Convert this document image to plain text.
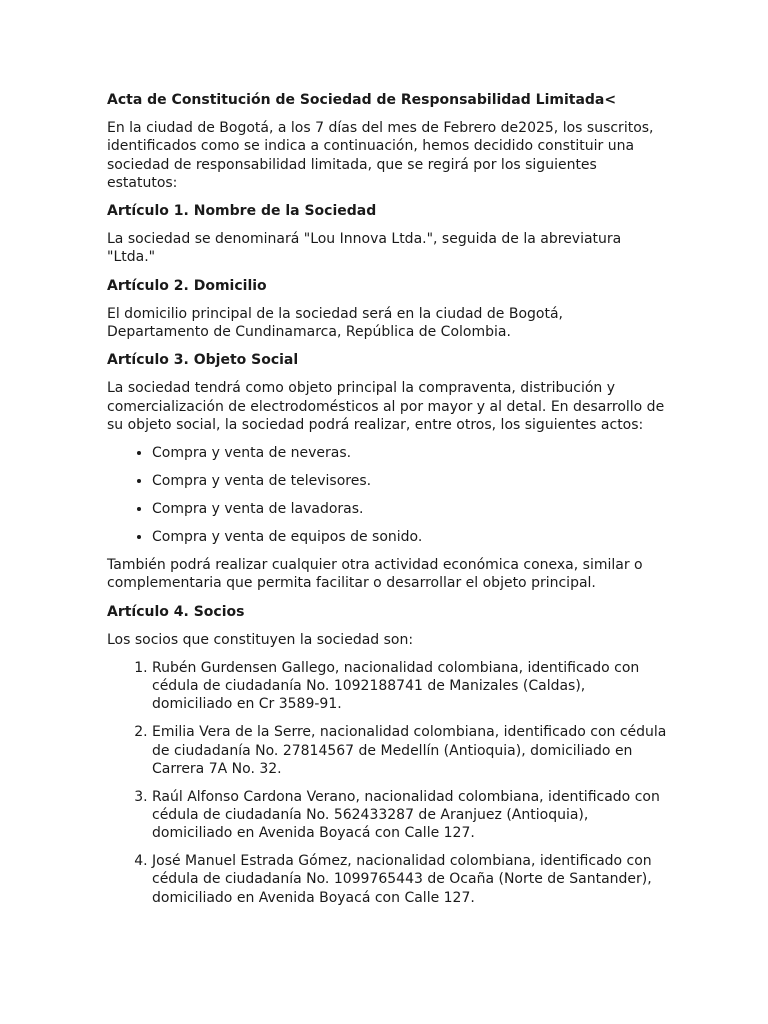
Acta de Constitución de Sociedad de Responsabilidad Limitada<

En la ciudad de Bogotá, a los 7 días del mes de Febrero de2025, los suscritos, identificados como se indica a continuación, hemos decidido constituir una sociedad de responsabilidad limitada, que se regirá por los siguientes estatutos:

Artículo 1. Nombre de la Sociedad

La sociedad se denominará "Lou Innova Ltda.", seguida de la abreviatura "Ltda."

Artículo 2. Domicilio

El domicilio principal de la sociedad será en la ciudad de Bogotá, Departamento de Cundinamarca, República de Colombia.

Artículo 3. Objeto Social

La sociedad tendrá como objeto principal la compraventa, distribución y comercialización de electrodomésticos al por mayor y al detal. En desarrollo de su objeto social, la sociedad podrá realizar, entre otros, los siguientes actos:

• Compra y venta de neveras.
• Compra y venta de televisores.
• Compra y venta de lavadoras.
• Compra y venta de equipos de sonido.

También podrá realizar cualquier otra actividad económica conexa, similar o complementaria que permita facilitar o desarrollar el objeto principal.

Artículo 4. Socios

Los socios que constituyen la sociedad son:

1. Rubén Gurdensen Gallego, nacionalidad colombiana, identificado con cédula de ciudadanía No. 1092188741 de Manizales (Caldas), domiciliado en Cr 3589-91.
2. Emilia Vera de la Serre, nacionalidad colombiana, identificado con cédula de ciudadanía No. 27814567 de Medellín (Antioquia), domiciliado en Carrera 7A No. 32.
3. Raúl Alfonso Cardona Verano, nacionalidad colombiana, identificado con cédula de ciudadanía No. 562433287 de Aranjuez (Antioquia), domiciliado en Avenida Boyacá con Calle 127.
4. José Manuel Estrada Gómez, nacionalidad colombiana, identificado con cédula de ciudadanía No. 1099765443 de Ocaña (Norte de Santander), domiciliado en Avenida Boyacá con Calle 127.
